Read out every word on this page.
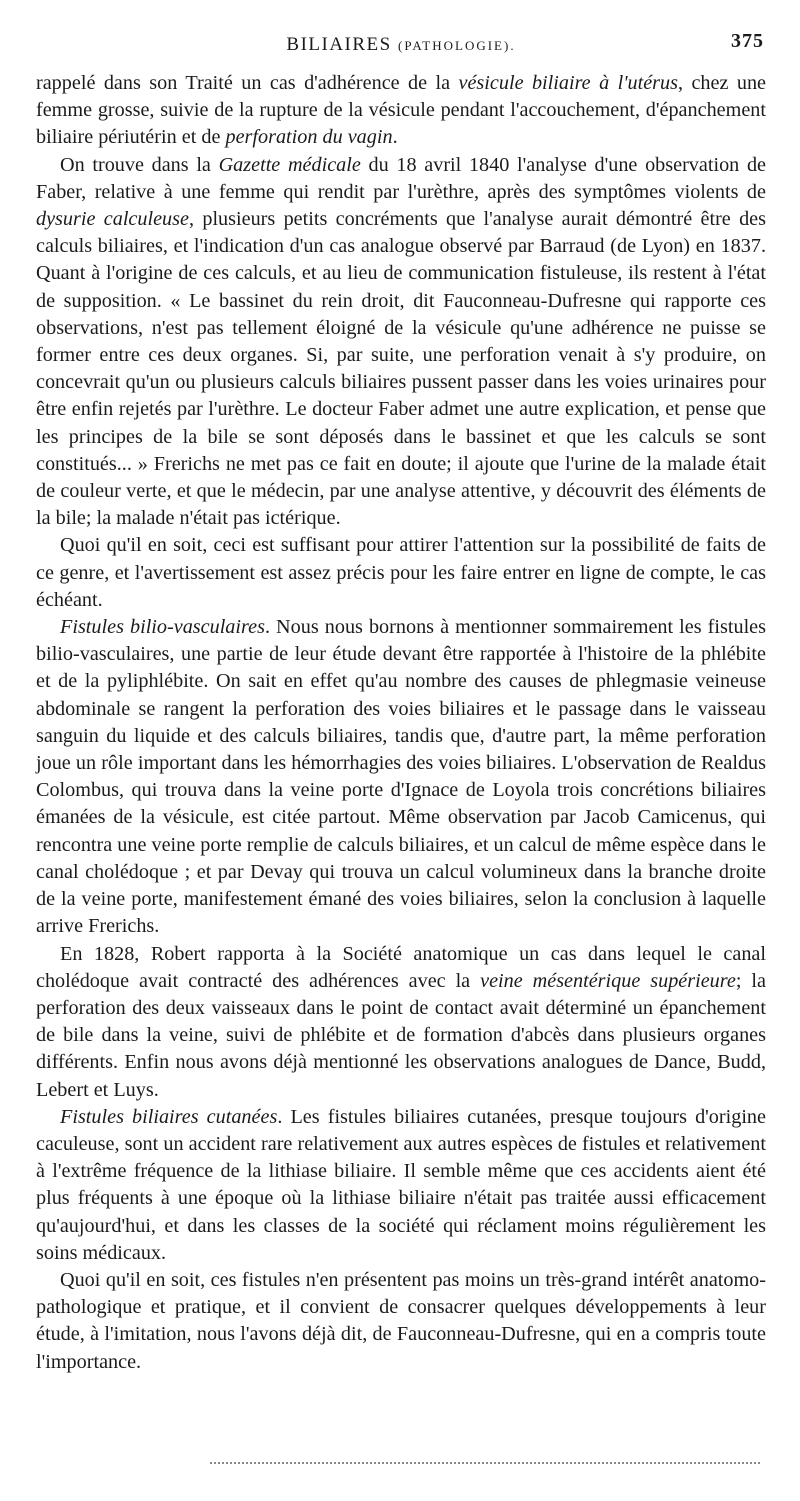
BILIAIRES (PATHOLOGIE).	375

rappelé dans son Traité un cas d'adhérence de la vésicule biliaire à l'utérus, chez une femme grosse, suivie de la rupture de la vésicule pendant l'accouchement, d'épanchement biliaire périutérin et de perforation du vagin.

On trouve dans la Gazette médicale du 18 avril 1840 l'analyse d'une observation de Faber, relative à une femme qui rendit par l'urèthre, après des symptômes violents de dysurie calculeuse, plusieurs petits concréments que l'analyse aurait démontré être des calculs biliaires, et l'indication d'un cas analogue observé par Barraud (de Lyon) en 1837. Quant à l'origine de ces calculs, et au lieu de communication fistuleuse, ils restent à l'état de supposition. « Le bassinet du rein droit, dit Fauconneau-Dufresne qui rapporte ces observations, n'est pas tellement éloigné de la vésicule qu'une adhérence ne puisse se former entre ces deux organes. Si, par suite, une perforation venait à s'y produire, on concevrait qu'un ou plusieurs calculs biliaires pussent passer dans les voies urinaires pour être enfin rejetés par l'urèthre. Le docteur Faber admet une autre explication, et pense que les principes de la bile se sont déposés dans le bassinet et que les calculs se sont constitués... » Frerichs ne met pas ce fait en doute; il ajoute que l'urine de la malade était de couleur verte, et que le médecin, par une analyse attentive, y découvrit des éléments de la bile; la malade n'était pas ictérique.

Quoi qu'il en soit, ceci est suffisant pour attirer l'attention sur la possibilité de faits de ce genre, et l'avertissement est assez précis pour les faire entrer en ligne de compte, le cas échéant.

Fistules bilio-vasculaires. Nous nous bornons à mentionner sommairement les fistules bilio-vasculaires, une partie de leur étude devant être rapportée à l'histoire de la phlébite et de la pyliphlébite. On sait en effet qu'au nombre des causes de phlegmasie veineuse abdominale se rangent la perforation des voies biliaires et le passage dans le vaisseau sanguin du liquide et des calculs biliaires, tandis que, d'autre part, la même perforation joue un rôle important dans les hémorrhagies des voies biliaires. L'observation de Realdus Colombus, qui trouva dans la veine porte d'Ignace de Loyola trois concrétions biliaires émanées de la vésicule, est citée partout. Même observation par Jacob Camicenus, qui rencontra une veine porte remplie de calculs biliaires, et un calcul de même espèce dans le canal cholédoque ; et par Devay qui trouva un calcul volumineux dans la branche droite de la veine porte, manifestement émané des voies biliaires, selon la conclusion à laquelle arrive Frerichs.

En 1828, Robert rapporta à la Société anatomique un cas dans lequel le canal cholédoque avait contracté des adhérences avec la veine mésentérique supérieure; la perforation des deux vaisseaux dans le point de contact avait déterminé un épanchement de bile dans la veine, suivi de phlébite et de formation d'abcès dans plusieurs organes différents. Enfin nous avons déjà mentionné les observations analogues de Dance, Budd, Lebert et Luys.

Fistules biliaires cutanées. Les fistules biliaires cutanées, presque toujours d'origine caculeuse, sont un accident rare relativement aux autres espèces de fistules et relativement à l'extrême fréquence de la lithiase biliaire. Il semble même que ces accidents aient été plus fréquents à une époque où la lithiase biliaire n'était pas traitée aussi efficacement qu'aujourd'hui, et dans les classes de la société qui réclament moins régulièrement les soins médicaux.

Quoi qu'il en soit, ces fistules n'en présentent pas moins un très-grand intérêt anatomo-pathologique et pratique, et il convient de consacrer quelques développements à leur étude, à l'imitation, nous l'avons déjà dit, de Fauconneau-Dufresne, qui en a compris toute l'importance.
